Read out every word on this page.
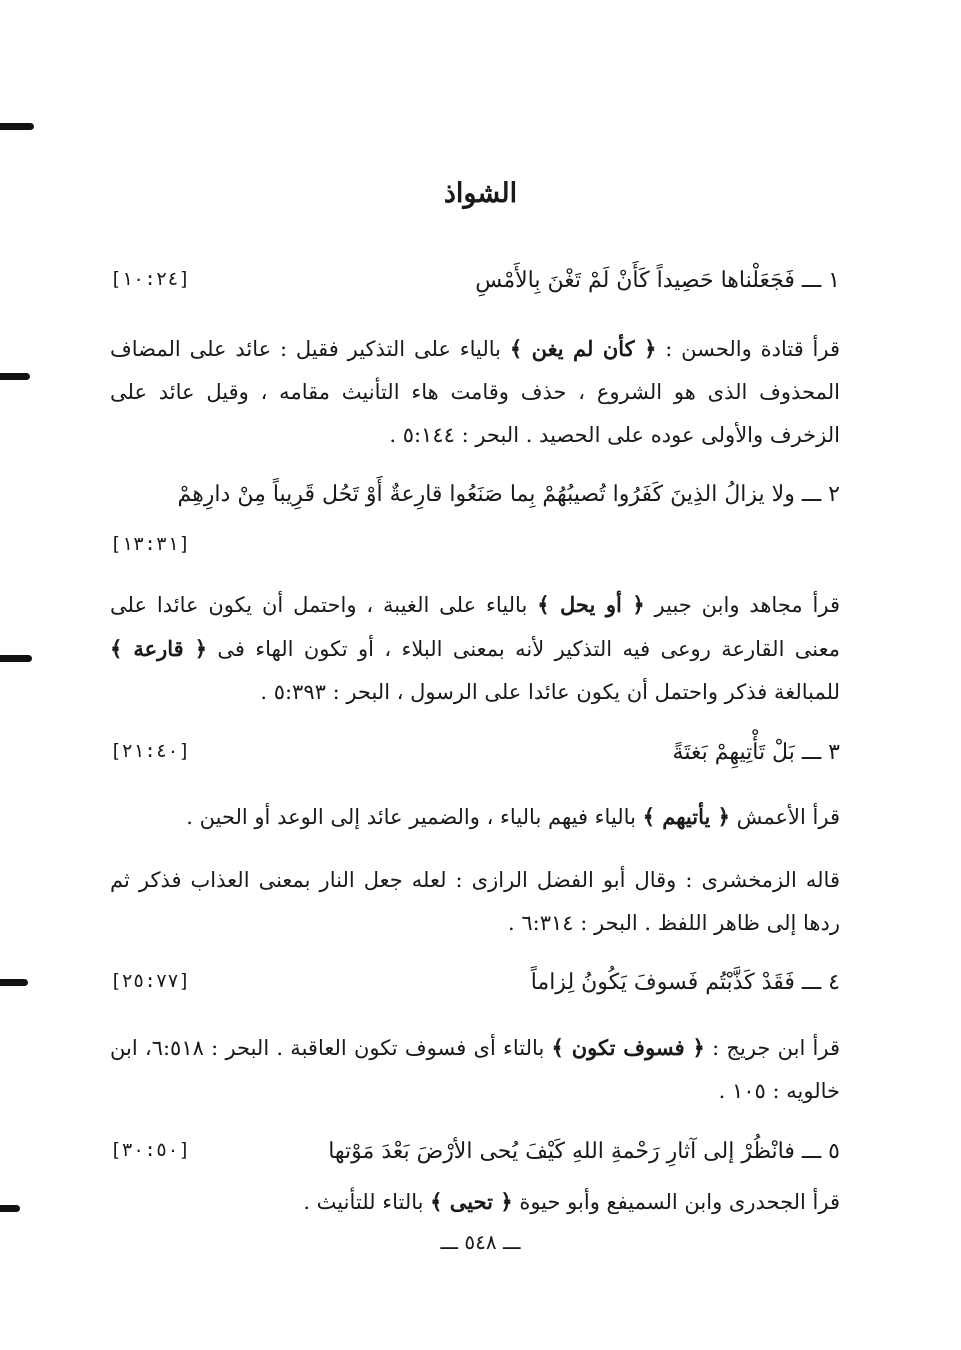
الشواذ
١ ـــ فَجَعَلْناها حَصِيداً كَأَنْ لَمْ تَغْنَ بِالأَمْسِ
[١٠:٢٤]
قرأ قتادة والحسن : ﴿ كأن لم يغن ﴾ بالياء على التذكير فقيل : عائد على المضاف المحذوف الذى هو الشروع ، حذف وقامت هاء التأنيث مقامه ، وقيل عائد على الزخرف والأولى عوده على الحصيد . البحر : ٥:١٤٤ .
٢ ـــ ولا يزالُ الذِينَ كَفَرُوا تُصيبُهُمْ بِما صَنَعُوا قارِعةٌ أَوْ تَحُل قَرِيباً مِنْ دارِهِمْ
[١٣:٣١]
قرأ مجاهد وابن جبير ﴿ أو يحل ﴾ بالياء على الغيبة ، واحتمل أن يكون عائدا على معنى القارعة روعى فيه التذكير لأنه بمعنى البلاء ، أو تكون الهاء فى ﴿ قارعة ﴾ للمبالغة فذكر واحتمل أن يكون عائدا على الرسول ، البحر : ٥:٣٩٣ .
٣ ـــ بَلْ تَأْتِيهِمْ بَغتَةً
[٢١:٤٠]
قرأ الأعمش ﴿ يأتيهم ﴾ بالياء فيهم بالياء ، والضمير عائد إلى الوعد أو الحين .
قاله الزمخشرى : وقال أبو الفضل الرازى : لعله جعل النار بمعنى العذاب فذكر ثم ردها إلى ظاهر اللفظ . البحر : ٦:٣١٤ .
٤ ـــ فَقَدْ كَذَّبْتُم فَسوفَ يَكُونُ لِزاماً
[٢٥:٧٧]
قرأ ابن جريج : ﴿ فسوف تكون ﴾ بالتاء أى فسوف تكون العاقبة . البحر : ٦:٥١٨، ابن خالويه : ١٠٥ .
٥ ـــ فانْظُرْ إلى آثارِ رَحْمةِ اللهِ كَيْفَ يُحى الأرْضَ بَعْدَ مَوْتها
[٣٠:٥٠]
قرأ الجحدرى وابن السميفع وأبو حيوة ﴿ تحيى ﴾ بالتاء للتأنيث .
ـــ ٥٤٨ ـــ
